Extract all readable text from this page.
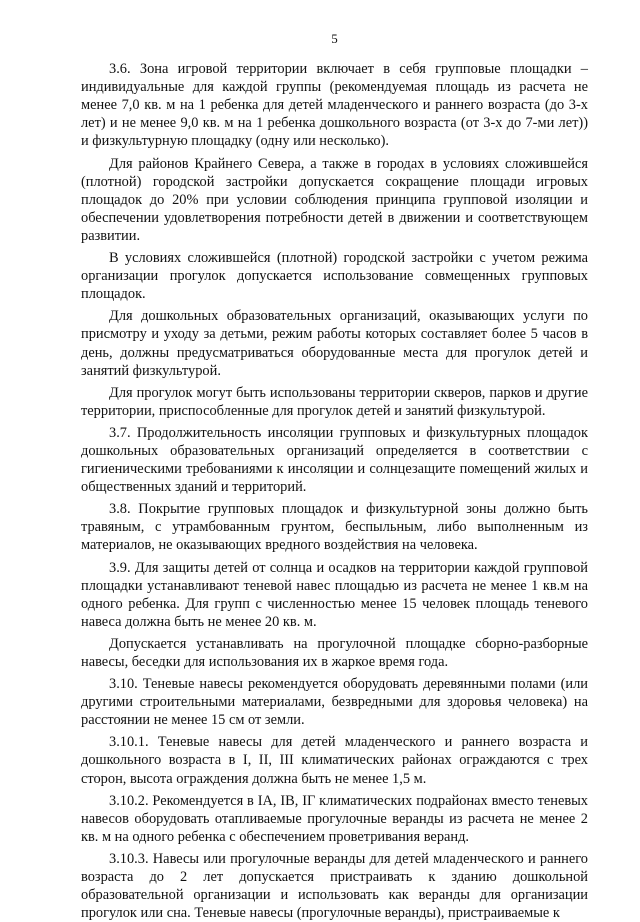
5

3.6. Зона игровой территории включает в себя групповые площадки – индивидуальные для каждой группы (рекомендуемая площадь из расчета не менее 7,0 кв. м на 1 ребенка для детей младенческого и раннего возраста (до 3-х лет) и не менее 9,0 кв. м на 1 ребенка дошкольного возраста (от 3-х до 7-ми лет)) и физкультурную площадку (одну или несколько).

Для районов Крайнего Севера, а также в городах в условиях сложившейся (плотной) городской застройки допускается сокращение площади игровых площадок до 20% при условии соблюдения принципа групповой изоляции и обеспечении удовлетворения потребности детей в движении и соответствующем развитии.

В условиях сложившейся (плотной) городской застройки с учетом режима организации прогулок допускается использование совмещенных групповых площадок.

Для дошкольных образовательных организаций, оказывающих услуги по присмотру и уходу за детьми, режим работы которых составляет более 5 часов в день, должны предусматриваться оборудованные места для прогулок детей и занятий физкультурой.

Для прогулок могут быть использованы территории скверов, парков и другие территории, приспособленные для прогулок детей и занятий физкультурой.

3.7. Продолжительность инсоляции групповых и физкультурных площадок дошкольных образовательных организаций определяется в соответствии с гигиеническими требованиями к инсоляции и солнцезащите помещений жилых и общественных зданий и территорий.

3.8. Покрытие групповых площадок и физкультурной зоны должно быть травяным, с утрамбованным грунтом, беспыльным, либо выполненным из материалов, не оказывающих вредного воздействия на человека.

3.9. Для защиты детей от солнца и осадков на территории каждой групповой площадки устанавливают теневой навес площадью из расчета не менее 1 кв.м на одного ребенка. Для групп с численностью менее 15 человек площадь теневого навеса должна быть не менее 20 кв. м.

Допускается устанавливать на прогулочной площадке сборно-разборные навесы, беседки для использования их в жаркое время года.

3.10. Теневые навесы рекомендуется оборудовать деревянными полами (или другими строительными материалами, безвредными для здоровья человека) на расстоянии не менее 15 см от земли.

3.10.1. Теневые навесы для детей младенческого и раннего возраста и дошкольного возраста в I, II, III климатических районах ограждаются с трех сторон, высота ограждения должна быть не менее 1,5 м.

3.10.2. Рекомендуется в IА, IВ, IГ климатических подрайонах вместо теневых навесов оборудовать отапливаемые прогулочные веранды из расчета не менее 2 кв. м на одного ребенка с обеспечением проветривания веранд.

3.10.3. Навесы или прогулочные веранды для детей младенческого и раннего возраста до 2 лет допускается пристраивать к зданию дошкольной образовательной организации и использовать как веранды для организации прогулок или сна. Теневые навесы (прогулочные веранды), пристраиваемые к
